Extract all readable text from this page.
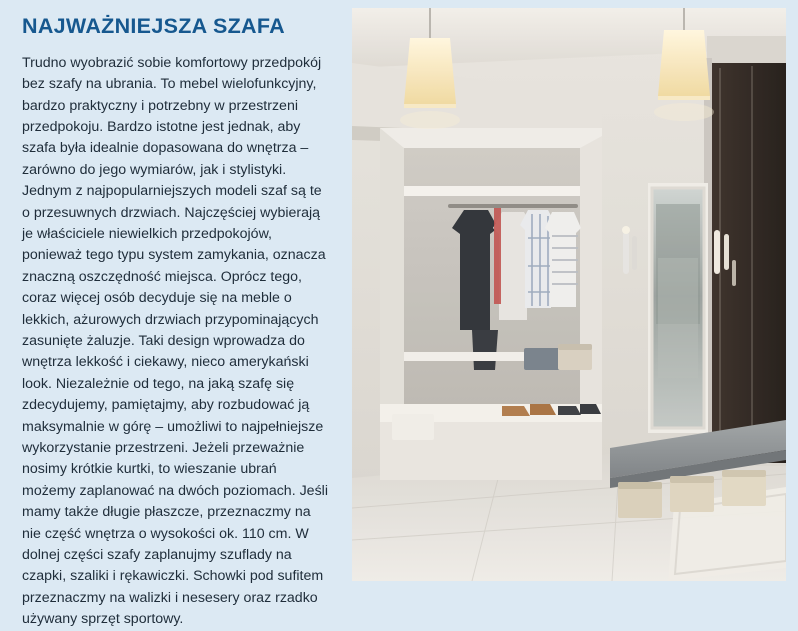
NAJWAŻNIEJSZA SZAFA

Trudno wyobrazić sobie komfortowy przedpokój bez szafy na ubrania. To mebel wielofunkcyjny, bardzo praktyczny i potrzebny w przestrzeni przedpokoju. Bardzo istotne jest jednak, aby szafa była idealnie dopasowana do wnętrza – zarówno do jego wymiarów, jak i stylistyki. Jednym z najpopularniejszych modeli szaf są te o przesuwnych drzwiach. Najczęściej wybierają je właściciele niewielkich przedpokojów, ponieważ tego typu system zamykania, oznacza znaczną oszczędność miejsca. Oprócz tego, coraz więcej osób decyduje się na meble o lekkich, ażurowych drzwiach przypominających zasunięte żaluzje. Taki design wprowadza do wnętrza lekkość i ciekawy, nieco amerykański look. Niezależnie od tego, na jaką szafę się zdecydujemy, pamiętajmy, aby rozbudować ją maksymalnie w górę – umożliwi to najpełniejsze wykorzystanie przestrzeni. Jeżeli przeważnie nosimy krótkie kurtki, to wieszanie ubrań możemy zaplanować na dwóch poziomach. Jeśli mamy także długie płaszcze, przeznaczmy na nie część wnętrza o wysokości ok. 110 cm. W dolnej części szafy zaplanujmy szuflady na czapki, szaliki i rękawiczki. Schowki pod sufitem przeznaczmy na walizki i nesesery oraz rzadko używany sprzęt sportowy.
